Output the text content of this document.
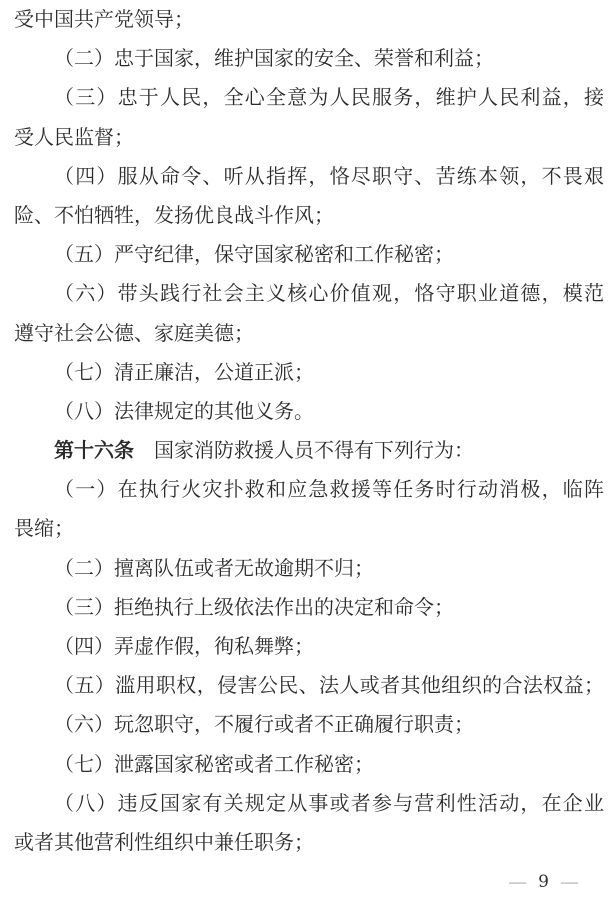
受中国共产党领导；
（二）忠于国家，维护国家的安全、荣誉和利益；
（三）忠于人民，全心全意为人民服务，维护人民利益，接
受人民监督；
（四）服从命令、听从指挥，恪尽职守、苦练本领，不畏艰
险、不怕牺牲，发扬优良战斗作风；
（五）严守纪律，保守国家秘密和工作秘密；
（六）带头践行社会主义核心价值观，恪守职业道德，模范
遵守社会公德、家庭美德；
（七）清正廉洁，公道正派；
（八）法律规定的其他义务。
第十六条　国家消防救援人员不得有下列行为：
（一）在执行火灾扑救和应急救援等任务时行动消极，临阵
畏缩；
（二）擅离队伍或者无故逾期不归；
（三）拒绝执行上级依法作出的决定和命令；
（四）弄虚作假，徇私舞弊；
（五）滥用职权，侵害公民、法人或者其他组织的合法权益；
（六）玩忽职守，不履行或者不正确履行职责；
（七）泄露国家秘密或者工作秘密；
（八）违反国家有关规定从事或者参与营利性活动，在企业
或者其他营利性组织中兼任职务；
— 9 —
